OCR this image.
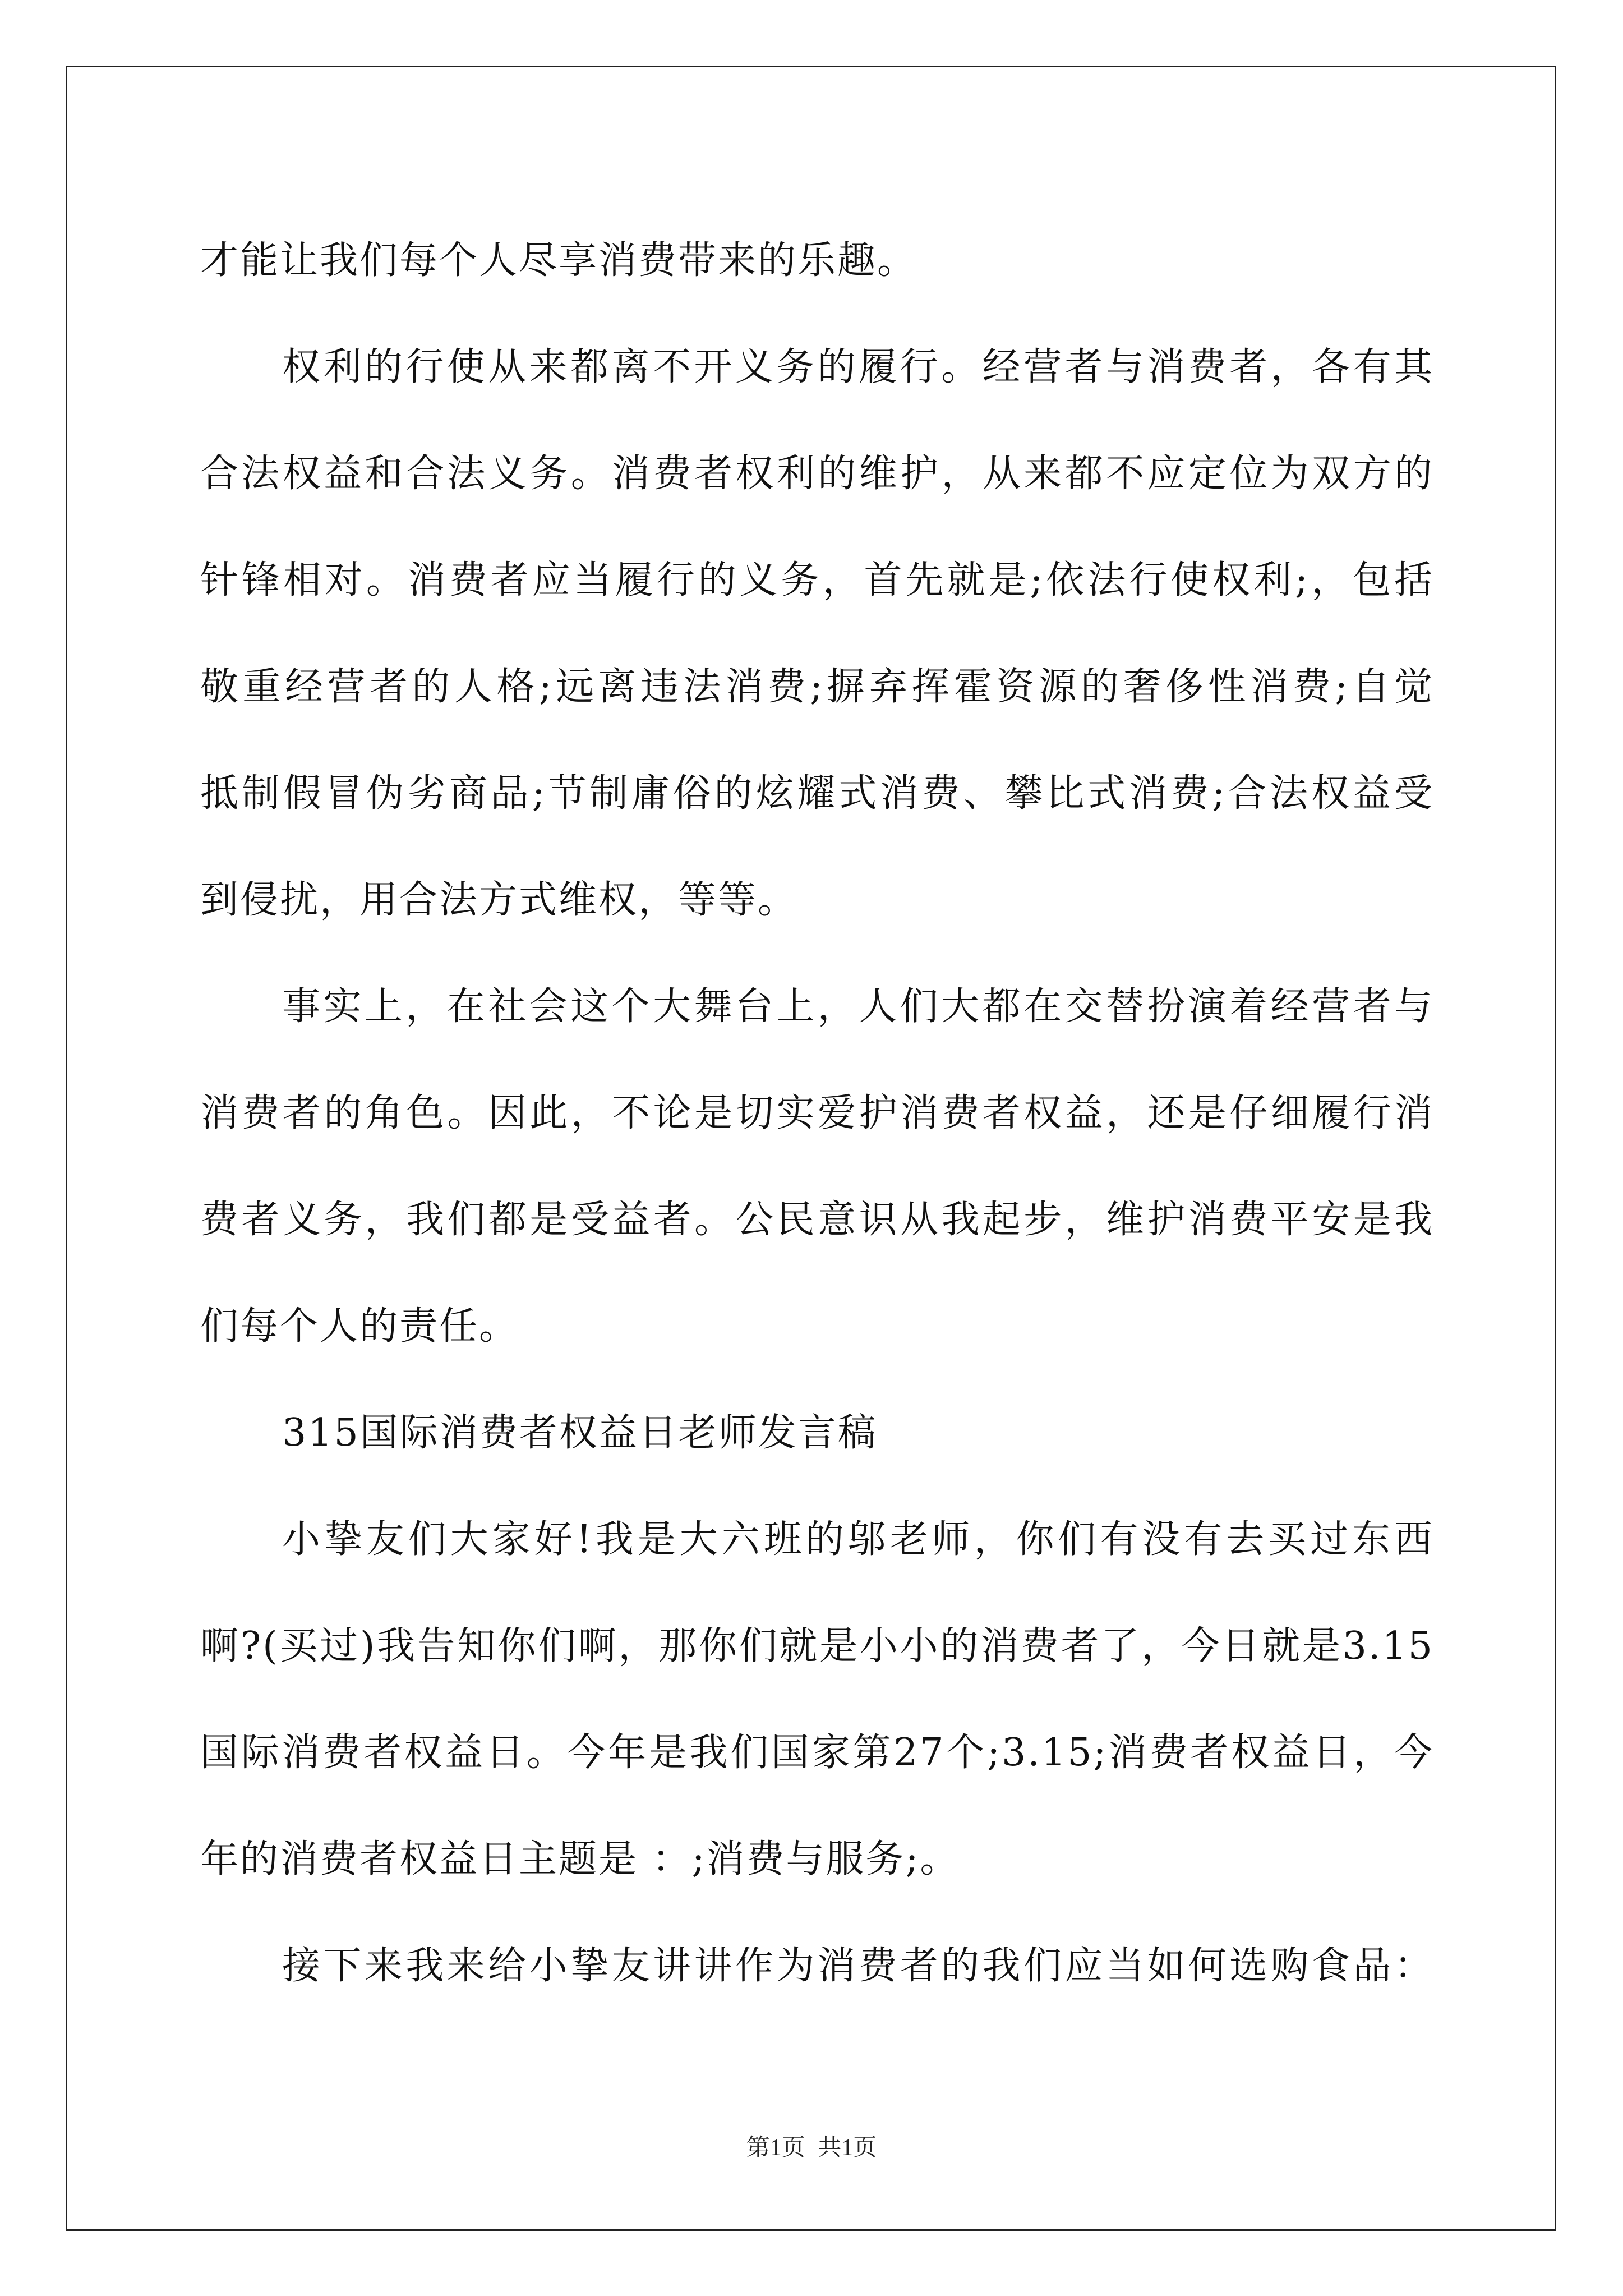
才能让我们每个人尽享消费带来的乐趣。

权利的行使从来都离不开义务的履行。经营者与消费者，各有其

合法权益和合法义务。消费者权利的维护，从来都不应定位为双方的

针锋相对。消费者应当履行的义务，首先就是;依法行使权利;，包括

敬重经营者的人格;远离违法消费;摒弃挥霍资源的奢侈性消费;自觉

抵制假冒伪劣商品;节制庸俗的炫耀式消费、攀比式消费;合法权益受

到侵扰，用合法方式维权，等等。

事实上，在社会这个大舞台上，人们大都在交替扮演着经营者与

消费者的角色。因此，不论是切实爱护消费者权益，还是仔细履行消

费者义务，我们都是受益者。公民意识从我起步，维护消费平安是我

们每个人的责任。

315国际消费者权益日老师发言稿

小挚友们大家好!我是大六班的邬老师，你们有没有去买过东西

啊?(买过)我告知你们啊，那你们就是小小的消费者了，今日就是3.15

国际消费者权益日。今年是我们国家第27个;3.15;消费者权益日，今

年的消费者权益日主题是 ：;消费与服务;。

接下来我来给小挚友讲讲作为消费者的我们应当如何选购食品：

第1页 共1页
